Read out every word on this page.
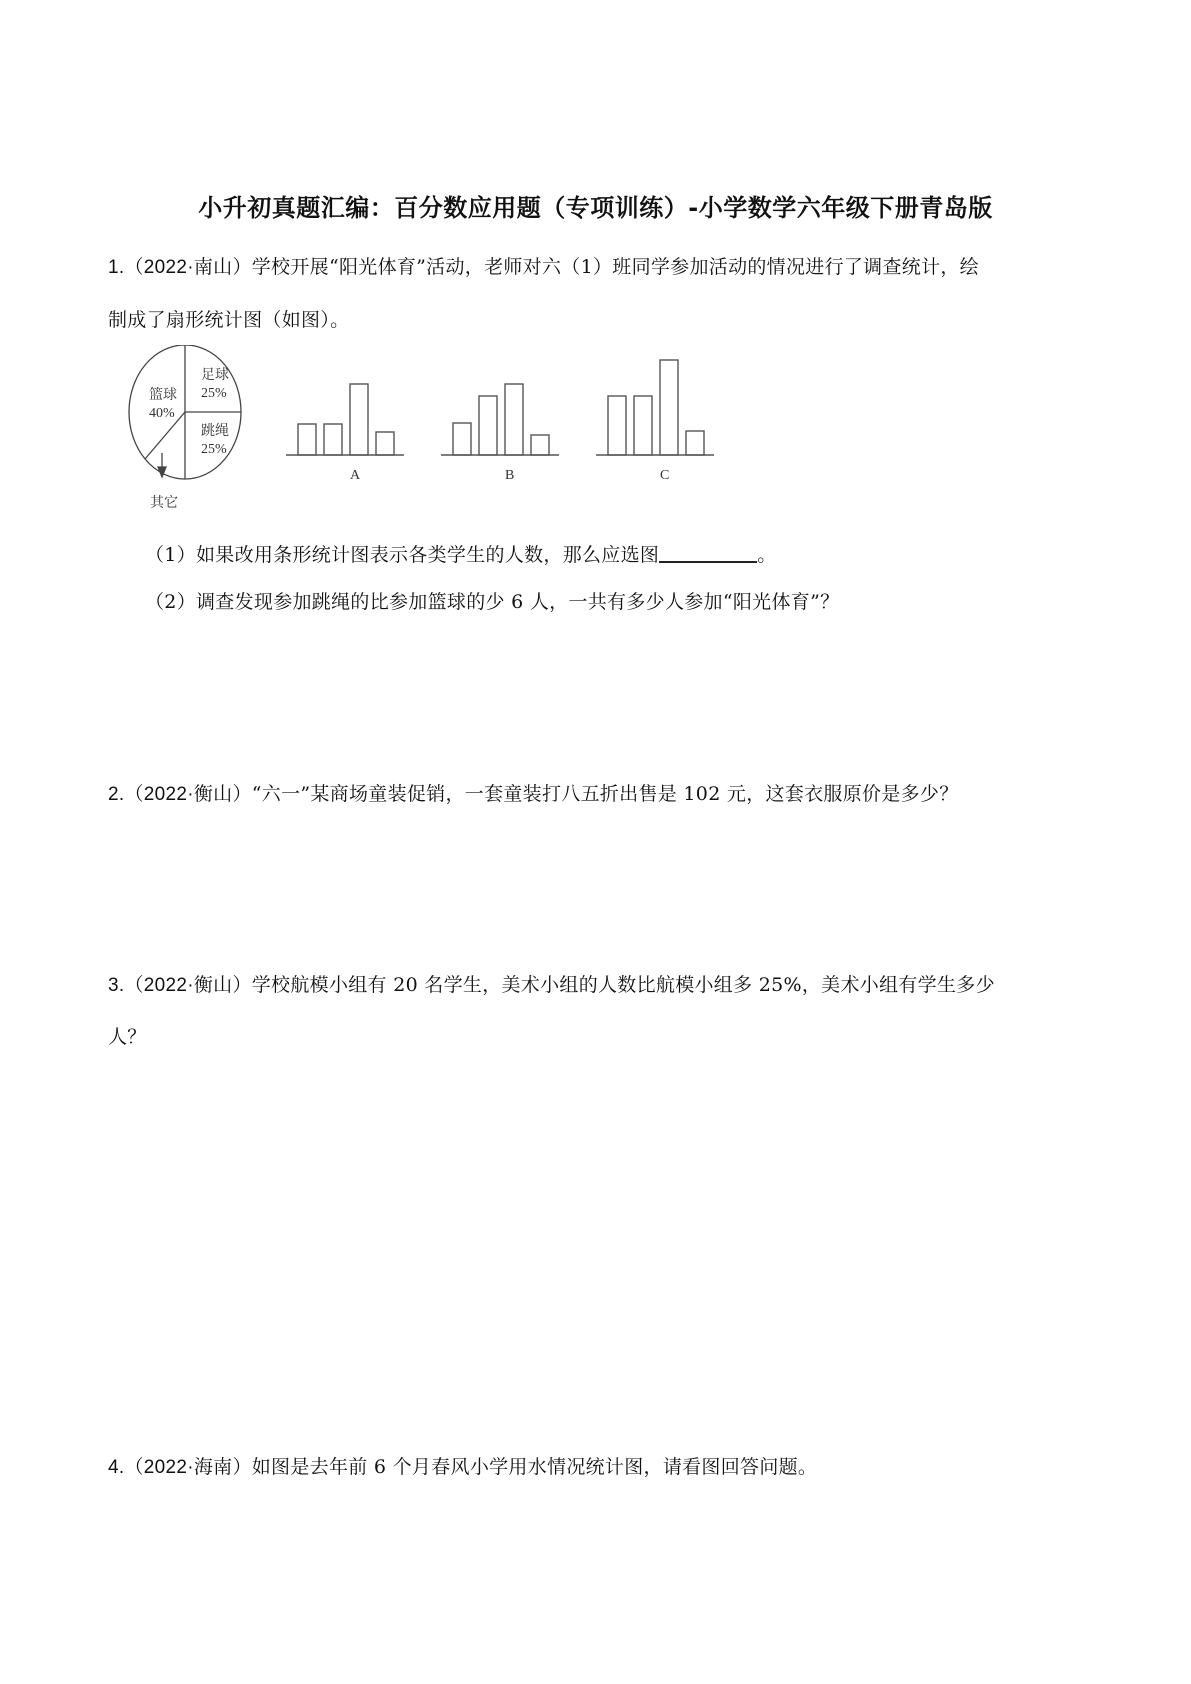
小升初真题汇编：百分数应用题（专项训练）-小学数学六年级下册青岛版
1.（2022·南山）学校开展“阳光体育”活动，老师对六（1）班同学参加活动的情况进行了调查统计，绘
制成了扇形统计图（如图）。
足球
25%
篮球
40%
跳绳
25%
其它
A	B	C
（1）如果改用条形统计图表示各类学生的人数，那么应选图	。
（2）调查发现参加跳绳的比参加篮球的少 6 人，一共有多少人参加“阳光体育”？
2.（2022·衡山）“六一”某商场童装促销，一套童装打八五折出售是 102 元，这套衣服原价是多少？
3.（2022·衡山）学校航模小组有 20 名学生，美术小组的人数比航模小组多 25%，美术小组有学生多少
人？
4.（2022·海南）如图是去年前 6 个月春风小学用水情况统计图，请看图回答问题。
